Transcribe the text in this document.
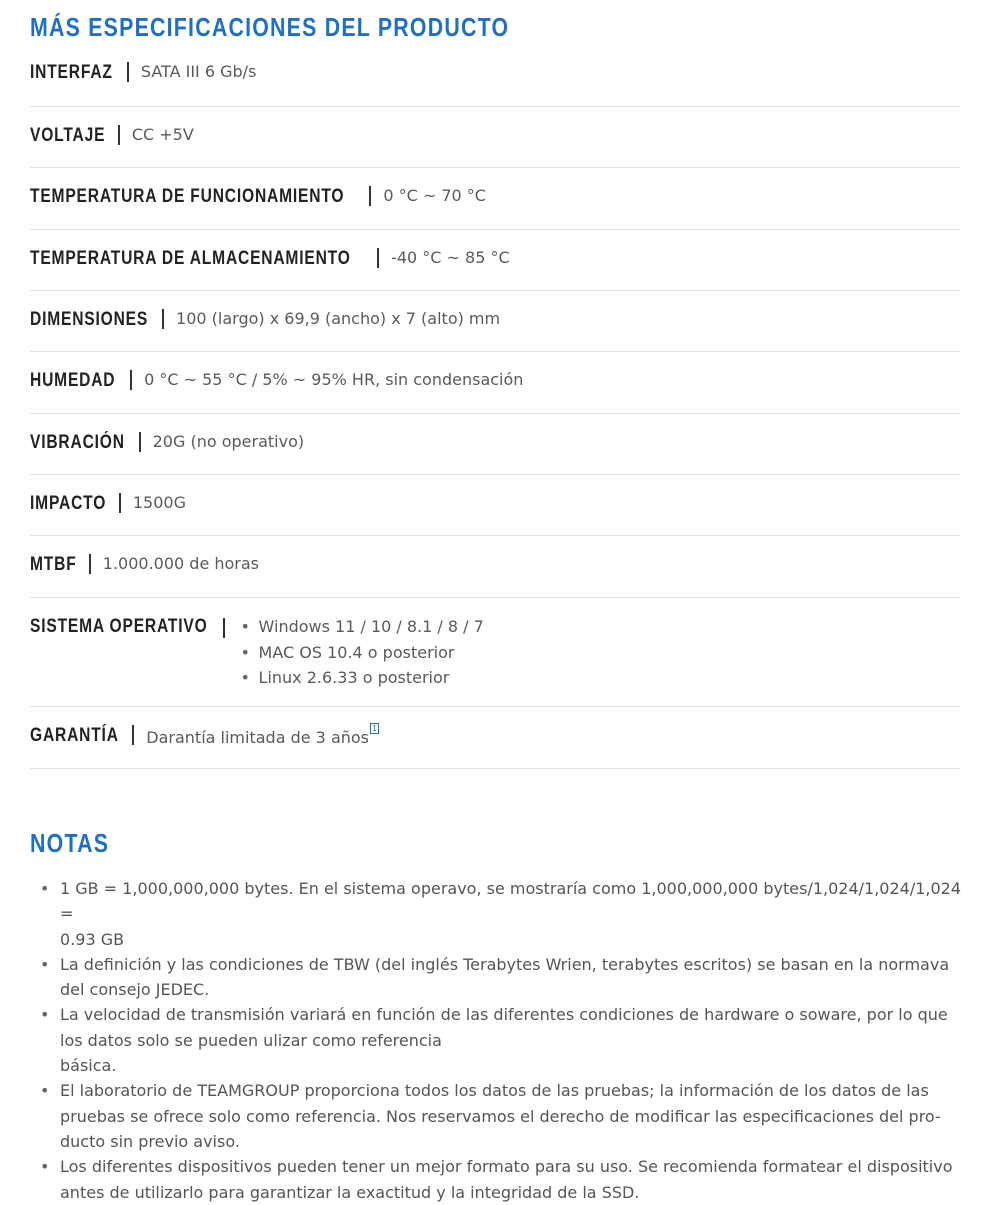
MÁS ESPECIFICACIONES DEL PRODUCTO
INTERFAZ SATA III 6 Gb/s
VOLTAJE CC +5V
TEMPERATURA DE FUNCIONAMIENTO 0 °C ~ 70 °C
TEMPERATURA DE ALMACENAMIENTO	-40 °C ~ 85 °C
DIMENSIONES 100 (largo) x 69,9 (ancho) x 7 (alto) mm
HUMEDAD 0 °C ~ 55 °C / 5% ~ 95% HR, sin condensación
VIBRACIÓN 20G (no operativo)
IMPACTO 1500G
MTBF 1.000.000 de horas
SISTEMA OPERATIVO
•	Windows 11 / 10 / 8.1 / 8 / 7
• MAC OS 10.4 o posterior
• Linux 2.6.33 o posterior
GARANTÍA Darantía limitada de 3 años $^1$
NOTAS
• 1 GB = 1,000,000,000 bytes. En el sistema operavo, se mostraría como 1,000,000,000 bytes/1,024/1,024/1,024 =
0.93 GB
• La definición y las condiciones de TBW (del inglés Terabytes Wrien, terabytes escritos) se basan en la normava
del consejo JEDEC.
• La velocidad de transmisión variará en función de las diferentes condiciones de hardware o soware, por lo que
los datos solo se pueden ulizar como referencia
básica.
• El laboratorio de TEAMGROUP proporciona todos los datos de las pruebas; la información de los datos de las
pruebas se ofrece solo como referencia. Nos reservamos el derecho de modificar las especificaciones del pro-
ducto sin previo aviso.
• Los diferentes dispositivos pueden tener un mejor formato para su uso. Se recomienda formatear el dispositivo
antes de utilizarlo para garantizar la exactitud y la integridad de la SSD.
